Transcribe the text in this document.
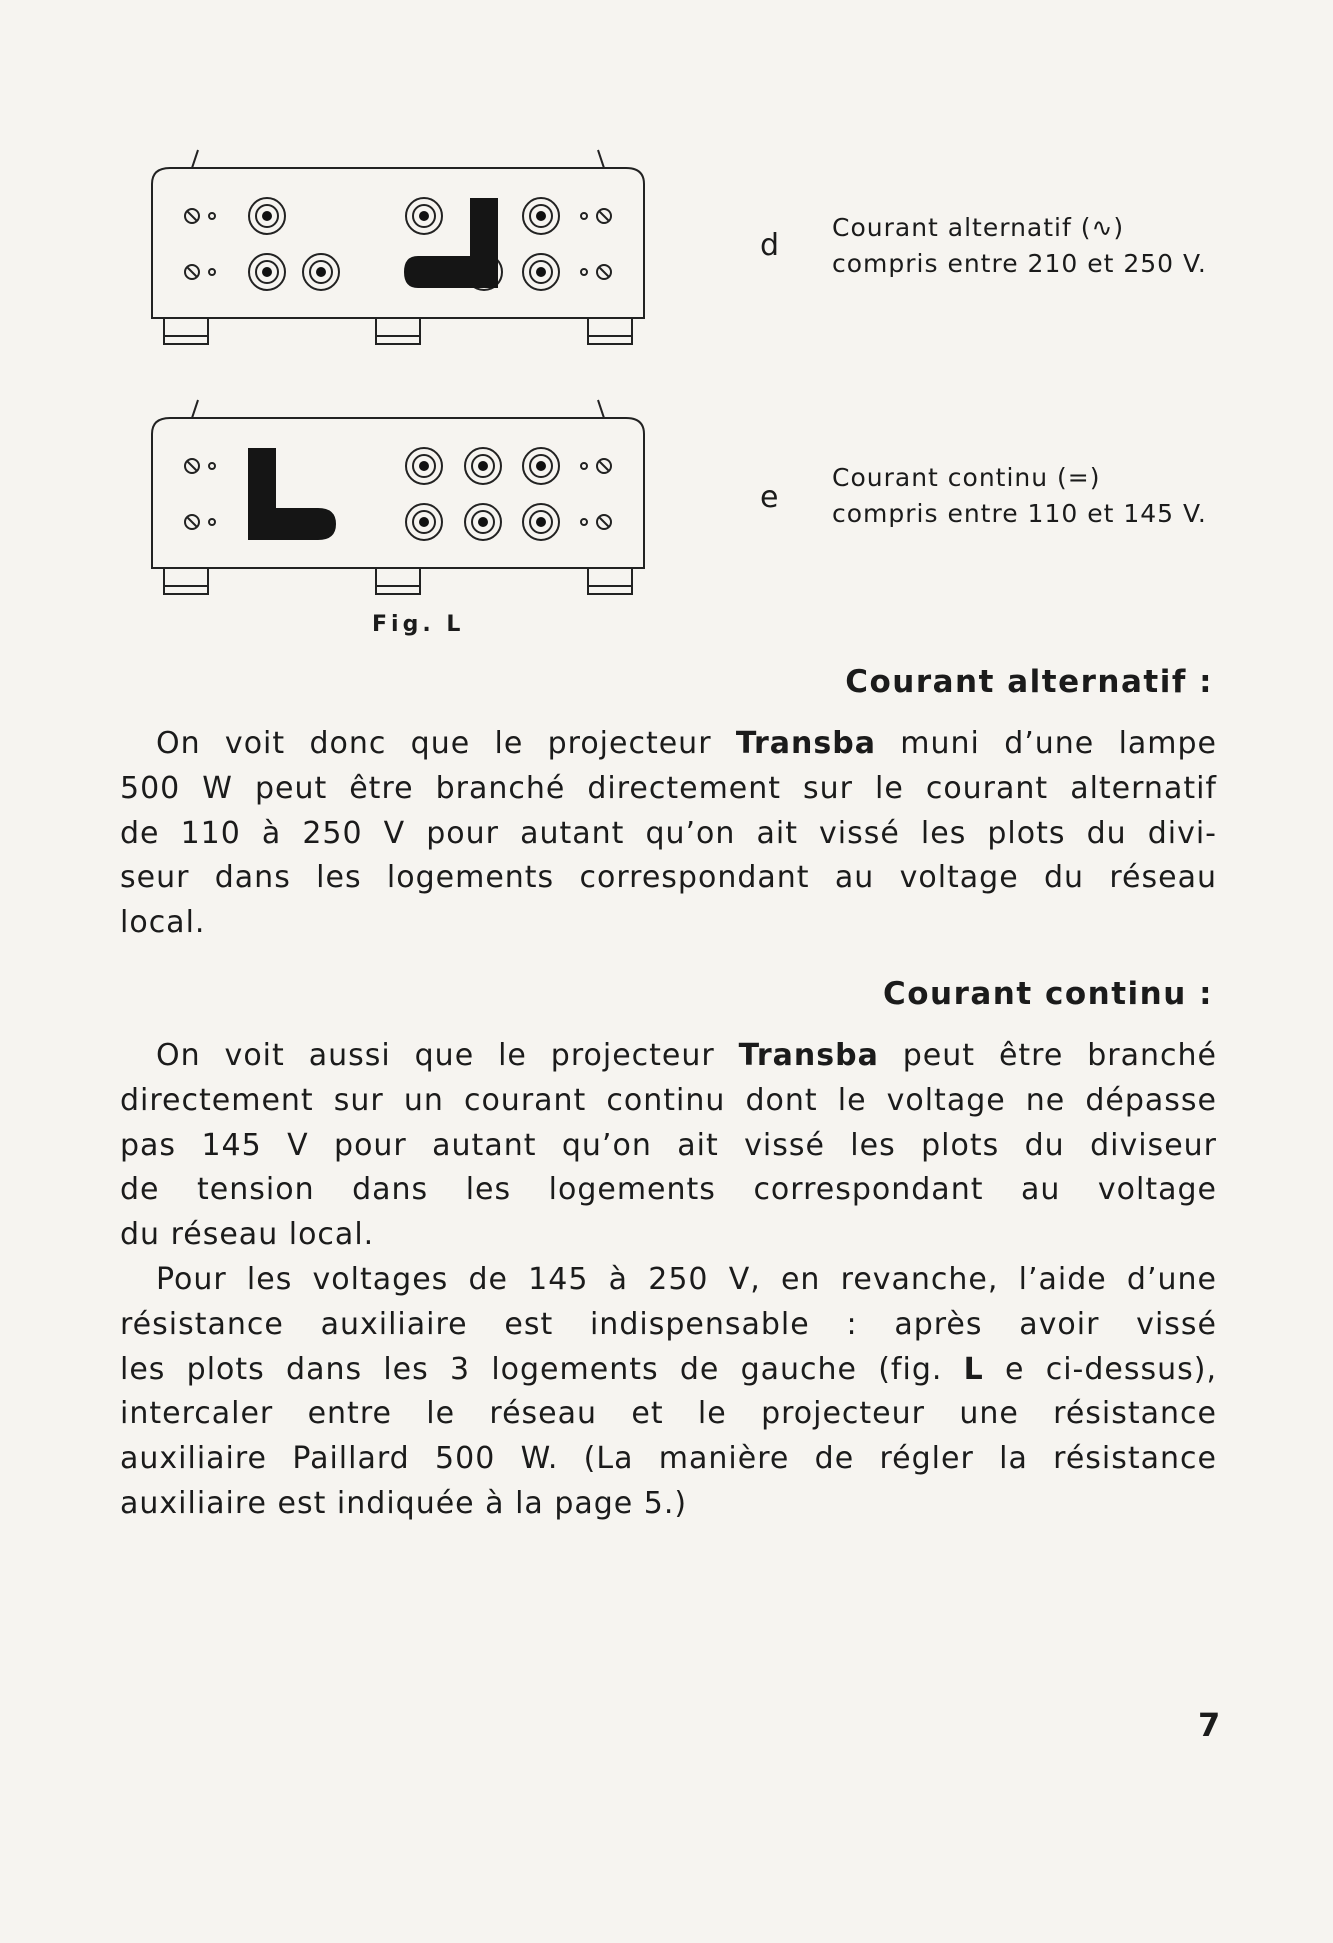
d
Courant alternatif (∿)
compris entre 210 et 250 V.
e
Courant continu (=)
compris entre 110 et 145 V.
Fig. L
Courant alternatif :
On voit donc que le projecteur Transba muni d’une lampe
500 W peut être branché directement sur le courant alternatif
de 110 à 250 V pour autant qu’on ait vissé les plots du divi-
seur dans les logements correspondant au voltage du réseau
local.
Courant continu :
On voit aussi que le projecteur Transba peut être branché
directement sur un courant continu dont le voltage ne dépasse
pas 145 V pour autant qu’on ait vissé les plots du diviseur
de tension dans les logements correspondant au voltage
du réseau local.
Pour les voltages de 145 à 250 V, en revanche, l’aide d’une
résistance auxiliaire est indispensable : après avoir vissé
les plots dans les 3 logements de gauche (fig. L e ci-dessus),
intercaler entre le réseau et le projecteur une résistance
auxiliaire Paillard 500 W. (La manière de régler la résistance
auxiliaire est indiquée à la page 5.)
7
